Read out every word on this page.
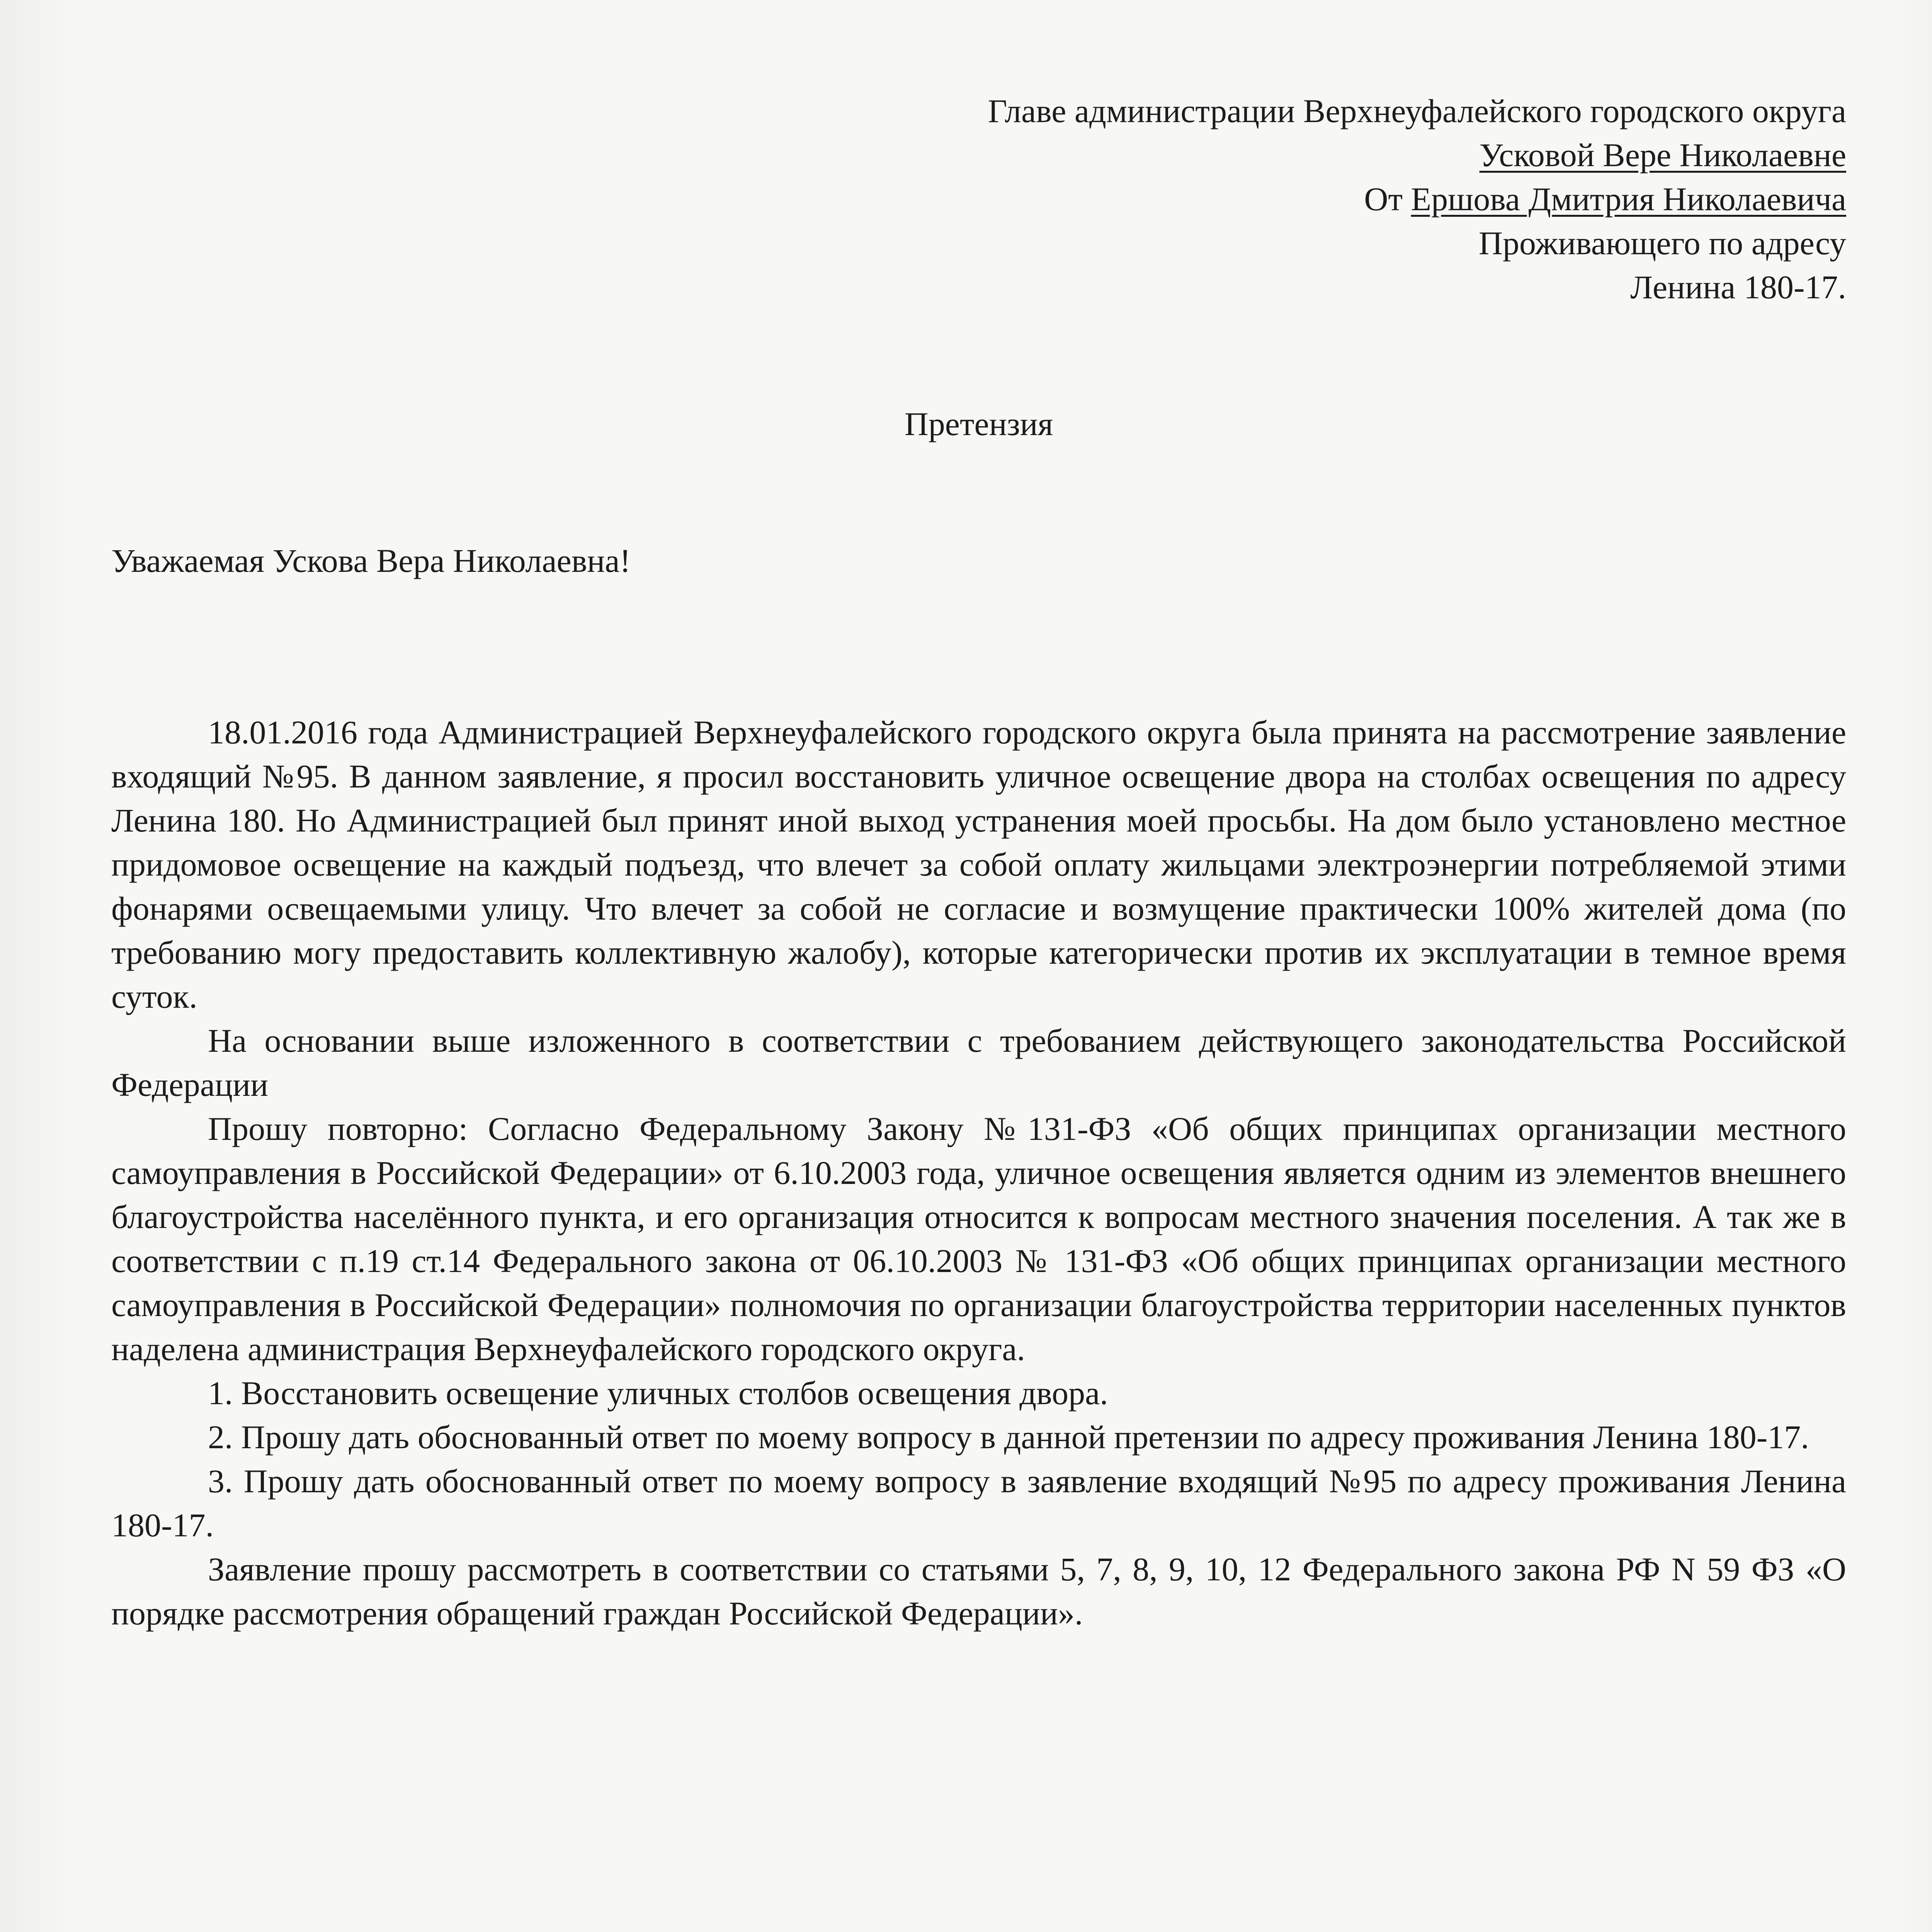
Главе администрации Верхнеуфалейского городского округа
Усковой Вере Николаевне
От Ершова Дмитрия Николаевича
Проживающего по адресу
Ленина 180-17.
Претензия
Уважаемая Ускова Вера Николаевна!

18.01.2016 года Администрацией Верхнеуфалейского городского округа была принята на рассмотрение заявление входящий №95. В данном заявление, я просил восстановить уличное освещение двора на столбах освещения по адресу Ленина 180. Но Администрацией был принят иной выход устранения моей просьбы. На дом было установлено местное придомовое освещение на каждый подъезд, что влечет за собой оплату жильцами электроэнергии потребляемой этими фонарями освещаемыми улицу. Что влечет за собой не согласие и возмущение практически 100% жителей дома (по требованию могу предоставить коллективную жалобу), которые категорически против их эксплуатации в темное время суток.

На основании выше изложенного в соответствии с требованием действующего законодательства Российской Федерации

Прошу повторно: Согласно Федеральному Закону №131-ФЗ «Об общих принципах организации местного самоуправления в Российской Федерации» от 6.10.2003 года, уличное освещения является одним из элементов внешнего благоустройства населённого пункта, и его организация относится к вопросам местного значения поселения. А так же в соответствии с п.19 ст.14 Федерального закона от 06.10.2003 № 131-ФЗ «Об общих принципах организации местного самоуправления в Российской Федерации» полномочия по организации благоустройства территории населенных пунктов наделена администрация Верхнеуфалейского городского округа.

1. Восстановить освещение уличных столбов освещения двора.

2. Прошу дать обоснованный ответ по моему вопросу в данной претензии по адресу проживания Ленина 180-17.

3. Прошу дать обоснованный ответ по моему вопросу в заявление входящий №95 по адресу проживания Ленина 180-17.

Заявление прошу рассмотреть в соответствии со статьями 5, 7, 8, 9, 10, 12 Федерального закона РФ N 59 ФЗ «О порядке рассмотрения обращений граждан Российской Федерации».
